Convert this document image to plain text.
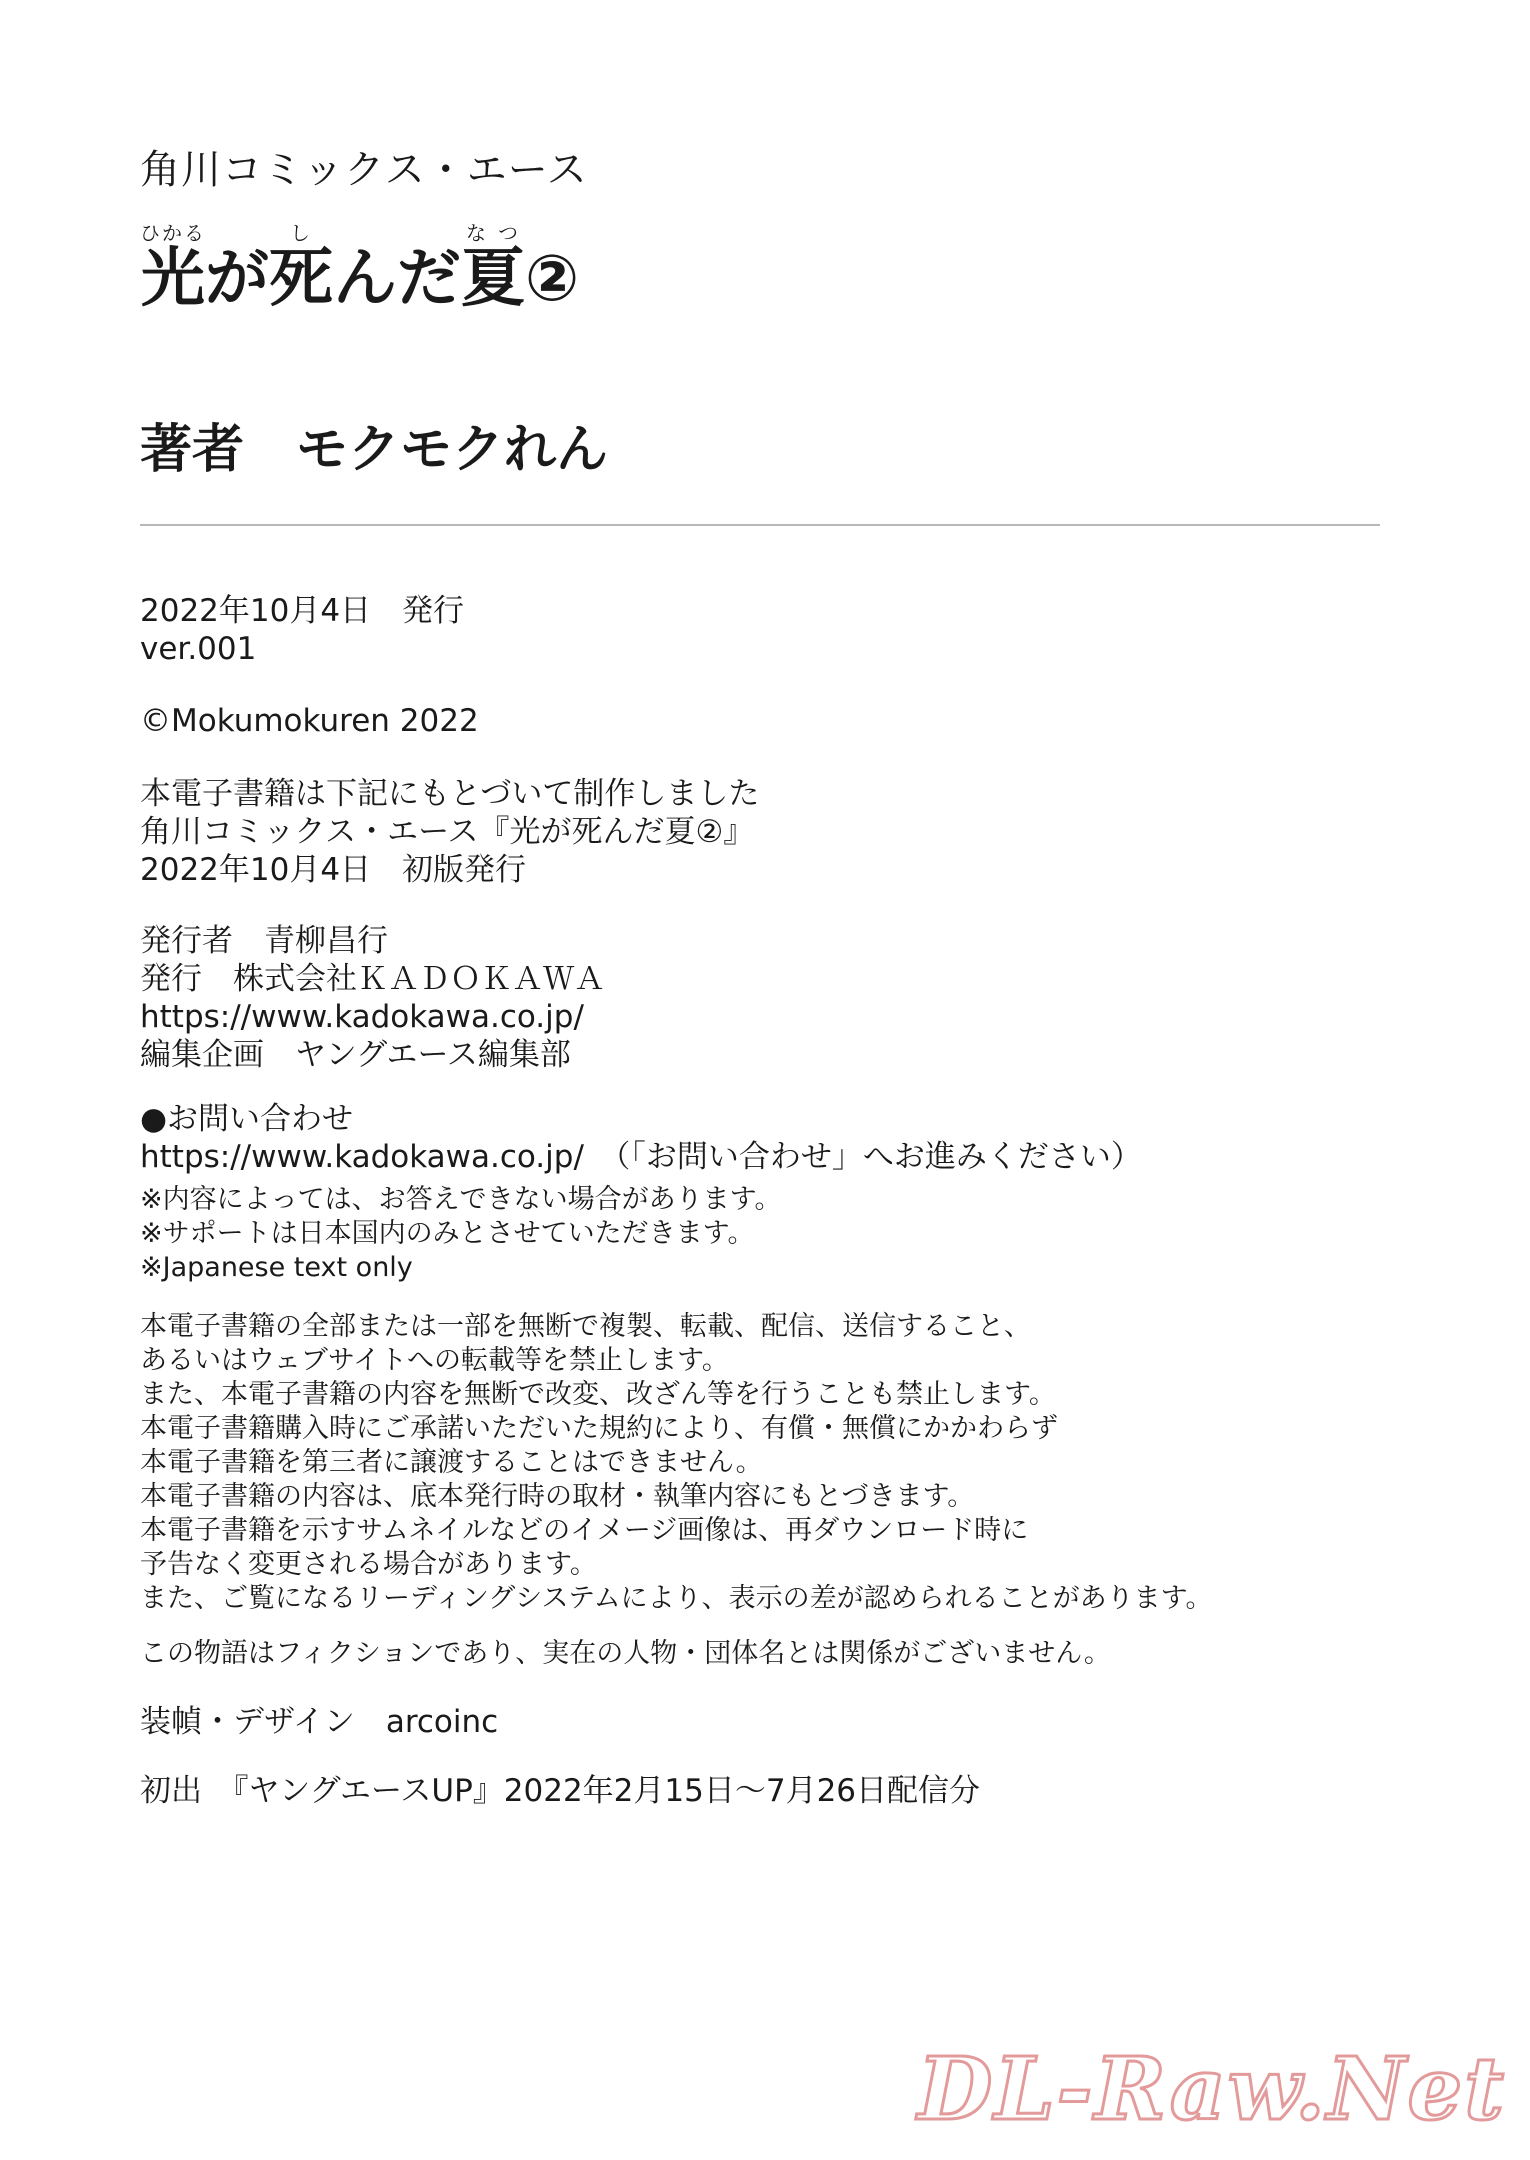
角川コミックス・エース
光ひかるが死しんだ夏なつ②
著者 モクモクれん
2022年10月4日　発行
ver.001
©Mokumokuren 2022
本電子書籍は下記にもとづいて制作しました
角川コミックス・エース『光が死んだ夏②』
2022年10月4日　初版発行
発行者　青柳昌行
発行　株式会社ＫＡＤＯＫＡＷＡ
https://www.kadokawa.co.jp/
編集企画　ヤングエース編集部
●お問い合わせ
https://www.kadokawa.co.jp/　（「お問い合わせ」へお進みください）
※内容によっては、お答えできない場合があります。
※サポートは日本国内のみとさせていただきます。
※Japanese text only
本電子書籍の全部または一部を無断で複製、転載、配信、送信すること、
あるいはウェブサイトへの転載等を禁止します。
また、本電子書籍の内容を無断で改変、改ざん等を行うことも禁止します。
本電子書籍購入時にご承諾いただいた規約により、有償・無償にかかわらず
本電子書籍を第三者に譲渡することはできません。
本電子書籍の内容は、底本発行時の取材・執筆内容にもとづきます。
本電子書籍を示すサムネイルなどのイメージ画像は、再ダウンロード時に
予告なく変更される場合があります。
また、ご覧になるリーディングシステムにより、表示の差が認められることがあります。
この物語はフィクションであり、実在の人物・団体名とは関係がございません。
装幀・デザイン　arcoinc
初出　『ヤングエースUP』2022年2月15日～7月26日配信分
DL-Raw.Net
